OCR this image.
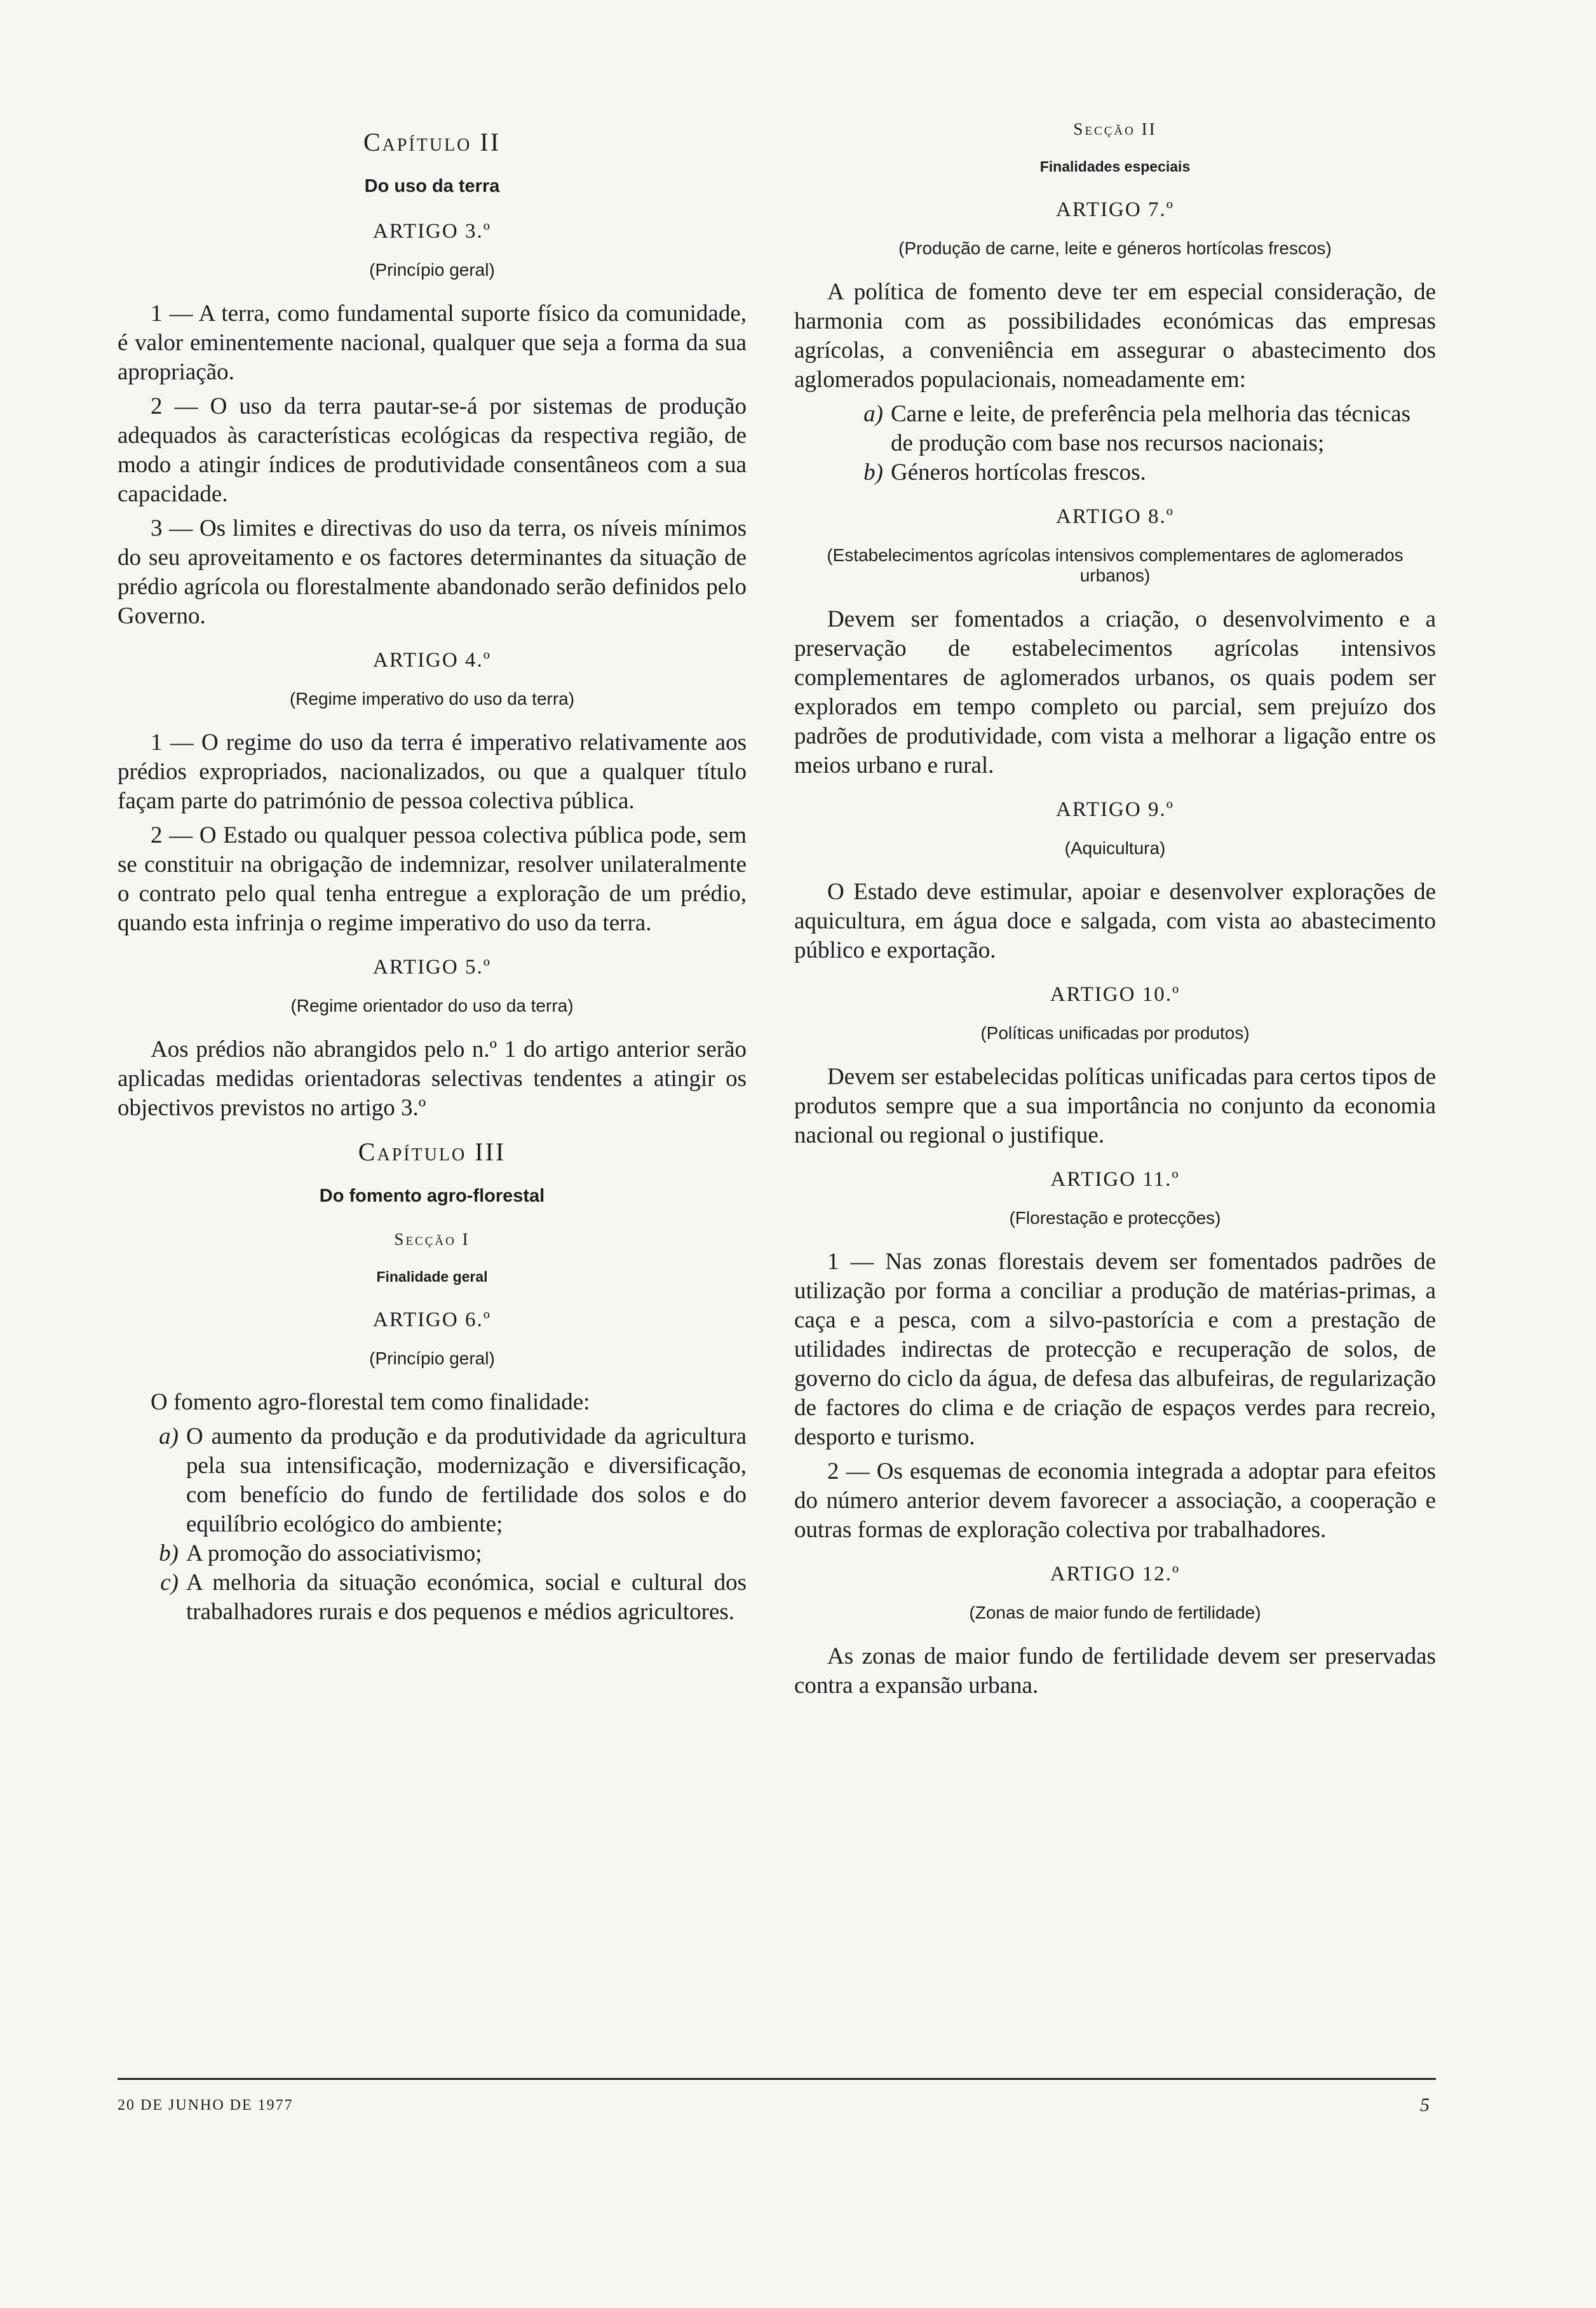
Capítulo II
Do uso da terra
ARTIGO 3.º
(Princípio geral)

1 — A terra, como fundamental suporte físico da comunidade, é valor eminentemente nacional, qualquer que seja a forma da sua apropriação.

2 — O uso da terra pautar-se-á por sistemas de produção adequados às características ecológicas da respectiva região, de modo a atingir índices de produtividade consentâneos com a sua capacidade.

3 — Os limites e directivas do uso da terra, os níveis mínimos do seu aproveitamento e os factores determinantes da situação de prédio agrícola ou florestalmente abandonado serão definidos pelo Governo.

ARTIGO 4.º
(Regime imperativo do uso da terra)

1 — O regime do uso da terra é imperativo relativamente aos prédios expropriados, nacionalizados, ou que a qualquer título façam parte do património de pessoa colectiva pública.

2 — O Estado ou qualquer pessoa colectiva pública pode, sem se constituir na obrigação de indemnizar, resolver unilateralmente o contrato pelo qual tenha entregue a exploração de um prédio, quando esta infrinja o regime imperativo do uso da terra.

ARTIGO 5.º
(Regime orientador do uso da terra)

Aos prédios não abrangidos pelo n.º 1 do artigo anterior serão aplicadas medidas orientadoras selectivas tendentes a atingir os objectivos previstos no artigo 3.º

Capítulo III
Do fomento agro-florestal
Secção I
Finalidade geral
ARTIGO 6.º
(Princípio geral)

O fomento agro-florestal tem como finalidade:

a) O aumento da produção e da produtividade da agricultura pela sua intensificação, modernização e diversificação, com benefício do fundo de fertilidade dos solos e do equilíbrio ecológico do ambiente;
b) A promoção do associativismo;
c) A melhoria da situação económica, social e cultural dos trabalhadores rurais e dos pequenos e médios agricultores.
Secção II
Finalidades especiais
ARTIGO 7.º
(Produção de carne, leite e géneros hortícolas frescos)

A política de fomento deve ter em especial consideração, de harmonia com as possibilidades económicas das empresas agrícolas, a conveniência em assegurar o abastecimento dos aglomerados populacionais, nomeadamente em:

a) Carne e leite, de preferência pela melhoria das técnicas de produção com base nos recursos nacionais;
b) Géneros hortícolas frescos.
ARTIGO 8.º
(Estabelecimentos agrícolas intensivos complementares de aglomerados urbanos)

Devem ser fomentados a criação, o desenvolvimento e a preservação de estabelecimentos agrícolas intensivos complementares de aglomerados urbanos, os quais podem ser explorados em tempo completo ou parcial, sem prejuízo dos padrões de produtividade, com vista a melhorar a ligação entre os meios urbano e rural.

ARTIGO 9.º
(Aquicultura)

O Estado deve estimular, apoiar e desenvolver explorações de aquicultura, em água doce e salgada, com vista ao abastecimento público e exportação.

ARTIGO 10.º
(Políticas unificadas por produtos)

Devem ser estabelecidas políticas unificadas para certos tipos de produtos sempre que a sua importância no conjunto da economia nacional ou regional o justifique.

ARTIGO 11.º
(Florestação e protecções)

1 — Nas zonas florestais devem ser fomentados padrões de utilização por forma a conciliar a produção de matérias-primas, a caça e a pesca, com a silvo-pastorícia e com a prestação de utilidades indirectas de protecção e recuperação de solos, de governo do ciclo da água, de defesa das albufeiras, de regularização de factores do clima e de criação de espaços verdes para recreio, desporto e turismo.

2 — Os esquemas de economia integrada a adoptar para efeitos do número anterior devem favorecer a associação, a cooperação e outras formas de exploração colectiva por trabalhadores.

ARTIGO 12.º
(Zonas de maior fundo de fertilidade)

As zonas de maior fundo de fertilidade devem ser preservadas contra a expansão urbana.

20 DE JUNHO DE 1977	5
